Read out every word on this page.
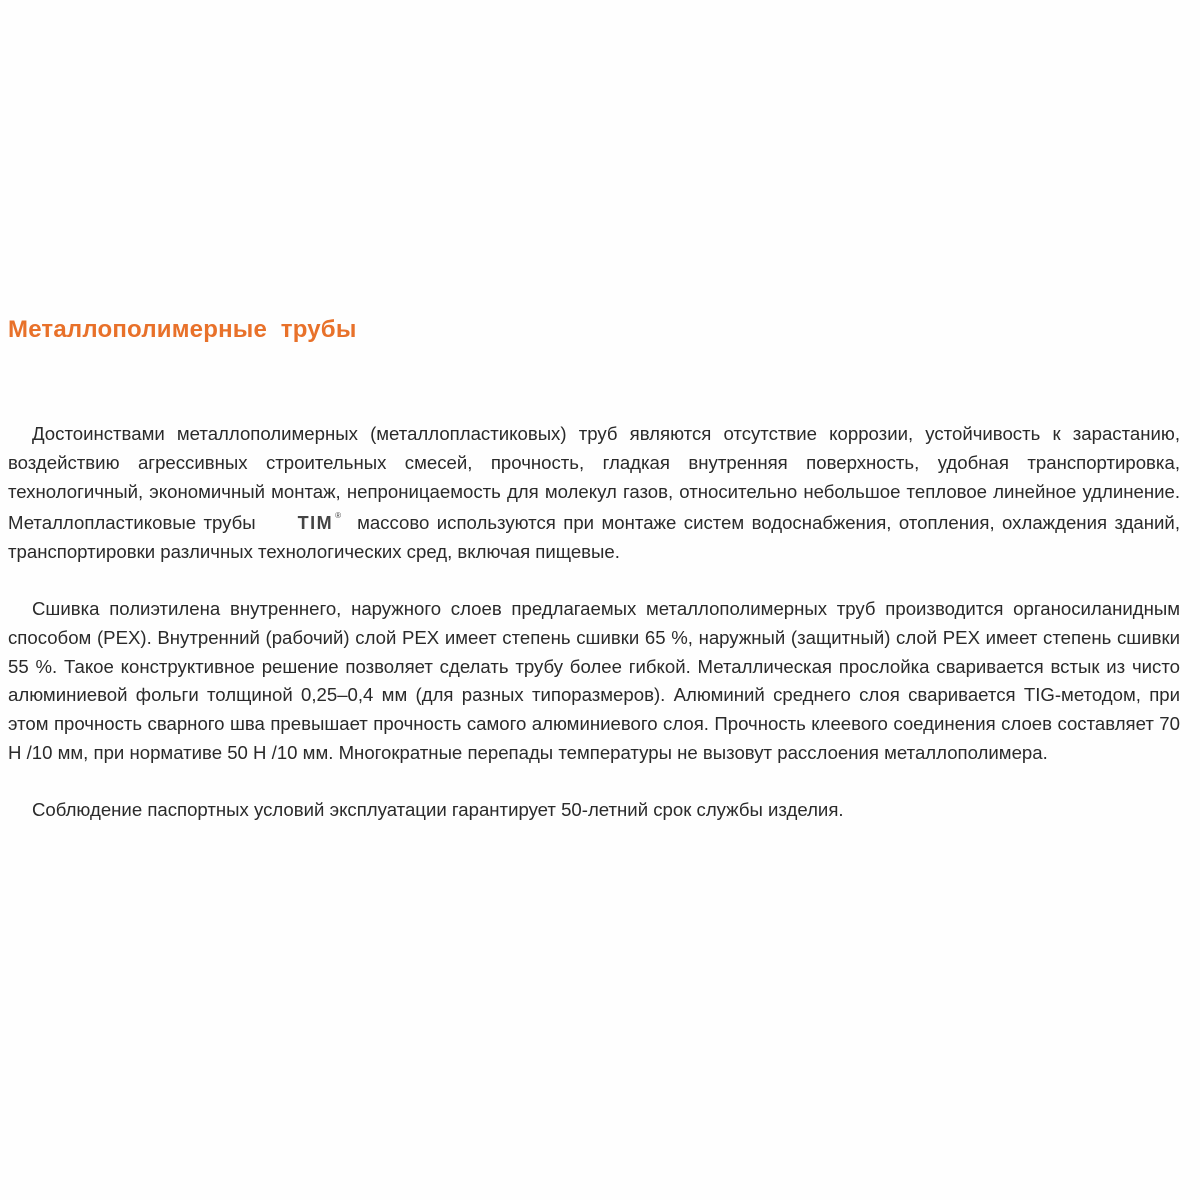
Металлополимерные  трубы

Достоинствами металлополимерных (металлопластиковых) труб являются отсутствие коррозии, устойчивость к зарастанию, воздействию агрессивных строительных смесей, прочность, гладкая внутренняя поверхность, удобная транспортировка, технологичный, экономичный монтаж, непроницаемость для молекул газов, относительно небольшое тепловое линейное удлинение. Металлопластиковые трубы TIM ® массово используются при монтаже систем водоснабжения, отопления, охлаждения зданий, транспортировки различных технологических сред, включая пищевые.

Сшивка полиэтилена внутреннего, наружного слоев предлагаемых металлополимерных труб производится органосиланидным способом (PEX). Внутренний (рабочий) слой PEX имеет степень сшивки 65 %, наружный (защитный) слой PEX имеет степень сшивки 55 %. Такое конструктивное решение позволяет сделать трубу более гибкой. Металлическая прослойка сваривается встык из чисто алюминиевой фольги толщиной 0,25–0,4 мм (для разных типоразмеров). Алюминий среднего слоя сваривается TIG-методом, при этом прочность сварного шва превышает прочность самого алюминиевого слоя. Прочность клеевого соединения слоев составляет 70 Н /10 мм, при нормативе 50 Н /10 мм. Многократные перепады температуры не вызовут расслоения металлополимера.

Соблюдение паспортных условий эксплуатации гарантирует 50-летний срок службы изделия.
